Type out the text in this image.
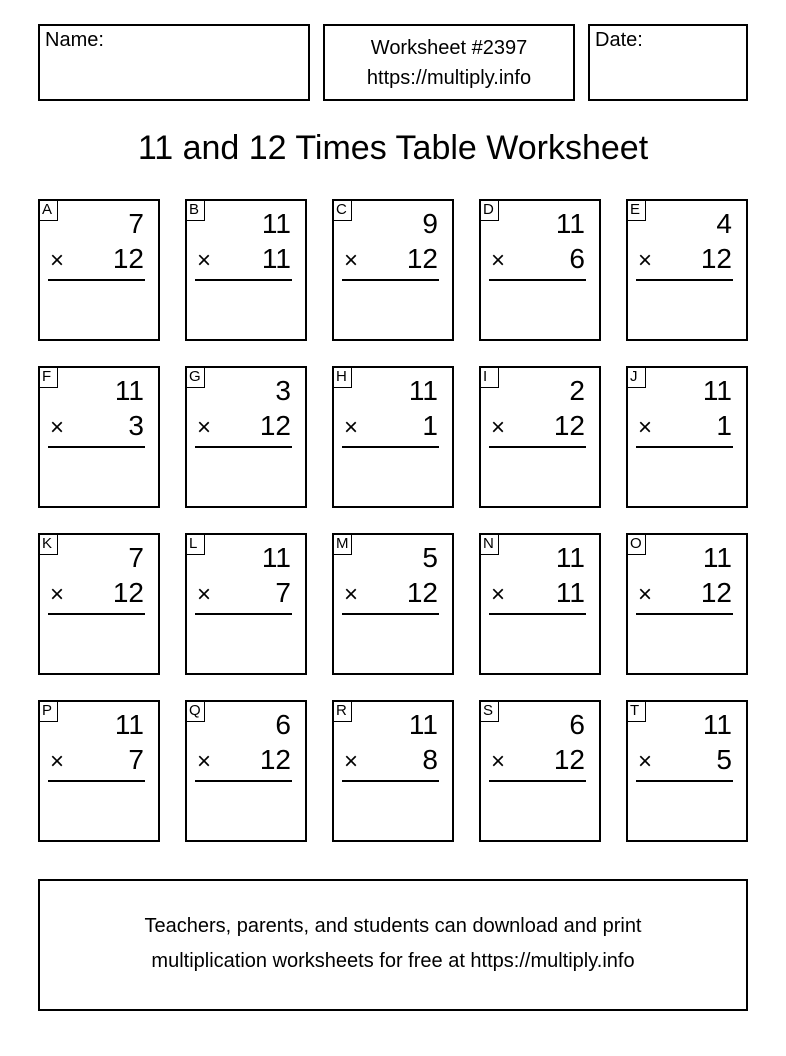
Name:	Worksheet #2397
https://multiply.info
Date:
11 and 12 Times Table Worksheet
A	7
× 12
B 11
× 11
C	9
× 12
D 11
× 6
E	4
× 12
F 11
× 3
G	3
× 12
H 11
× 1
I	2
× 12
J	11
× 1
K	7
× 12
L 11
× 7
M	5
× 12
N 11
× 11
O 11
× 12
P 11
× 7
Q	6
× 12
R 11
× 8
S	6
× 12
T 11
× 5
Teachers, parents, and students can download and print
multiplication worksheets for free at https://multiply.info
